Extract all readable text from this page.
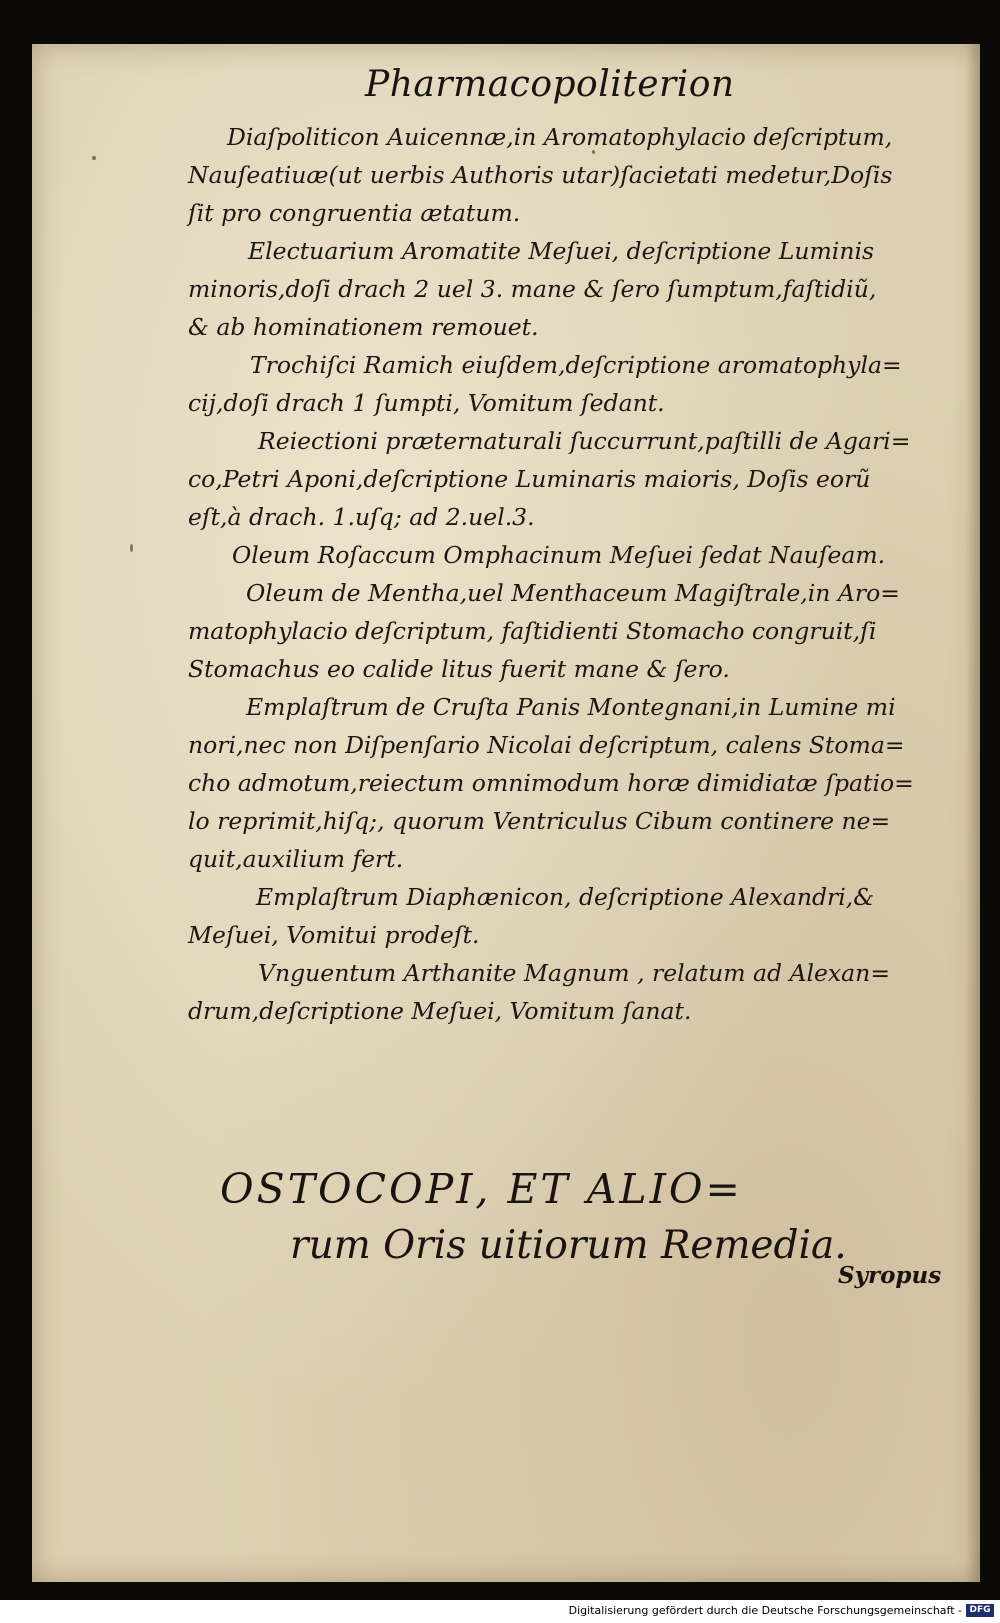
Pharmacopoliterion
Diaſpoliticon Auicennæ,in Aromatophylacio deſcriptum,
Nauſeatiuæ(ut uerbis Authoris utar)ſacietati medetur,Doſis
ſit pro congruentia ætatum.
Electuarium Aromatite Meſuei, deſcriptione Luminis
minoris,doſi drach 2 uel 3. mane & ſero ſumptum,faſtidiũ,
& ab hominationem remouet.
Trochiſci Ramich eiuſdem,deſcriptione aromatophyla=
cij,doſi drach 1 ſumpti, Vomitum ſedant.
Reiectioni prӕternaturali ſuccurrunt,paſtilli de Agari=
co,Petri Aponi,deſcriptione Luminaris maioris, Doſis eorũ
eſt,à drach. 1.uſq; ad 2.uel.3.
Oleum Roſaccum Omphacinum Meſuei ſedat Nauſeam.
Oleum de Mentha,uel Menthaceum Magiſtrale,in Aro=
matophylacio deſcriptum, faſtidienti Stomacho congruit,ſi
Stomachus eo calide litus fuerit mane & ſero.
Emplaſtrum de Cruſta Panis Montegnani,in Lumine mi
nori,nec non Diſpenſario Nicolai deſcriptum, calens Stoma=
cho admotum,reiectum omnimodum horæ dimidiatæ ſpatio=
lo reprimit,hiſq;, quorum Ventriculus Cibum continere ne=
quit,auxilium fert.
Emplaſtrum Diaphænicon, deſcriptione Alexandri,&
Meſuei, Vomitui prodeſt.
Vnguentum Arthanite Magnum , relatum ad Alexan=
drum,deſcriptione Meſuei, Vomitum ſanat.
OSTOCOPI, ET ALIO=
rum Oris uitiorum Remedia.
Syropus
Digitalisierung gefördert durch die Deutsche Forschungsgemeinschaft - DFG
